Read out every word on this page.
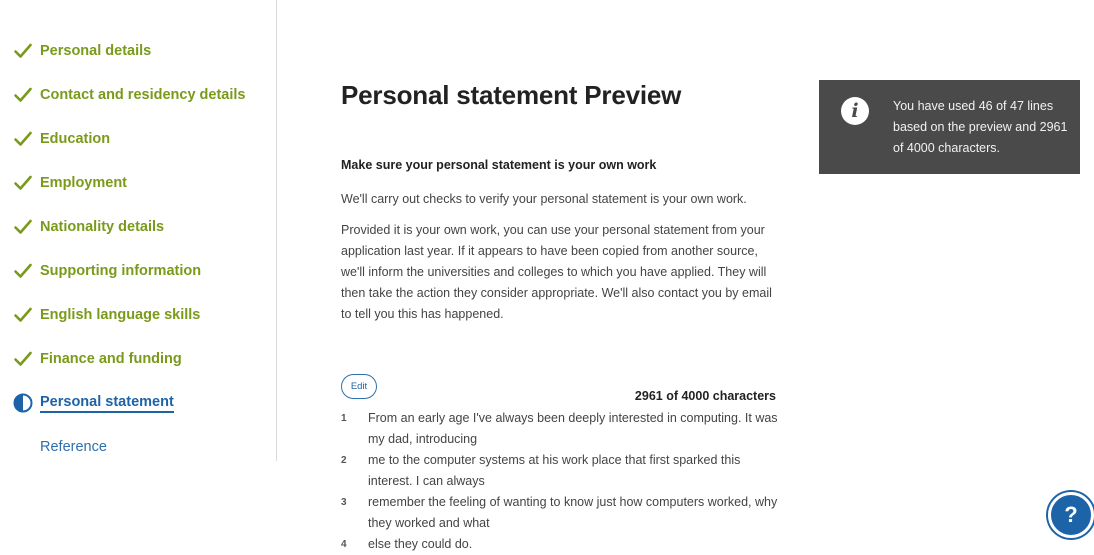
Personal details
Contact and residency details
Education
Employment
Nationality details
Supporting information
English language skills
Finance and funding
Personal statement
Reference
Personal statement Preview
Make sure your personal statement is your own work

We'll carry out checks to verify your personal statement is your own work.

Provided it is your own work, you can use your personal statement from your application last year. If it appears to have been copied from another source, we'll inform the universities and colleges to which you have applied. They will then take the action they consider appropriate. We'll also contact you by email to tell you this has happened.

Edit
2961 of 4000 characters
1 From an early age I've always been deeply interested in computing. It was my dad, introducing
2 me to the computer systems at his work place that first sparked this interest. I can always
3 remember the feeling of wanting to know just how computers worked, why they worked and what
4 else they could do.
i	You have used 46 of 47 lines based on the preview and 2961 of 4000 characters.

?
